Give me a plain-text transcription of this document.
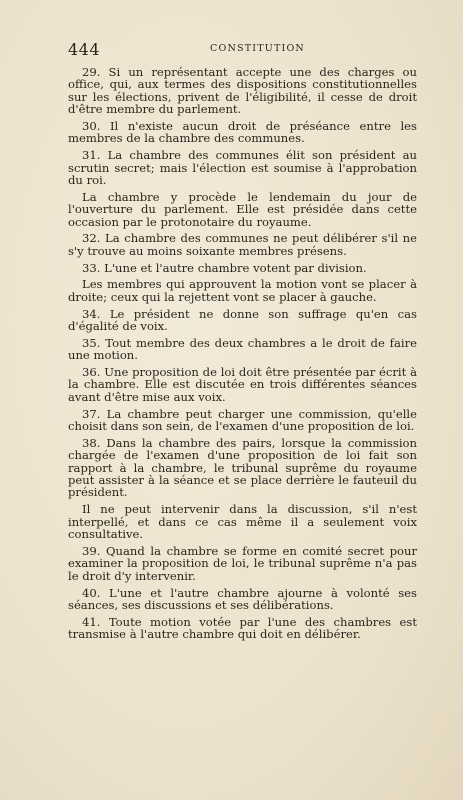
444	CONSTITUTION

29. Si un représentant accepte une des charges ou office, qui, aux termes des dispositions constitutionnelles sur les élections, privent de l'éligibilité, il cesse de droit d'être membre du parlement.

30. Il n'existe aucun droit de préséance entre les membres de la chambre des communes.

31. La chambre des communes élit son président au scrutin secret; mais l'élection est soumise à l'approbation du roi.

La chambre y procède le lendemain du jour de l'ouverture du parlement. Elle est présidée dans cette occasion par le protonotaire du royaume.

32. La chambre des communes ne peut délibérer s'il ne s'y trouve au moins soixante membres présens.

33. L'une et l'autre chambre votent par division.

Les membres qui approuvent la motion vont se placer à droite; ceux qui la rejettent vont se placer à gauche.

34. Le président ne donne son suffrage qu'en cas d'égalité de voix.

35. Tout membre des deux chambres a le droit de faire une motion.

36. Une proposition de loi doit être présentée par écrit à la chambre. Elle est discutée en trois différentes séances avant d'être mise aux voix.

37. La chambre peut charger une commission, qu'elle choisit dans son sein, de l'examen d'une proposition de loi.

38. Dans la chambre des pairs, lorsque la commission chargée de l'examen d'une proposition de loi fait son rapport à la chambre, le tribunal suprême du royaume peut assister à la séance et se place derrière le fauteuil du président.

Il ne peut intervenir dans la discussion, s'il n'est interpellé, et dans ce cas même il a seulement voix consultative.

39. Quand la chambre se forme en comité secret pour examiner la proposition de loi, le tribunal suprême n'a pas le droit d'y intervenir.

40. L'une et l'autre chambre ajourne à volonté ses séances, ses discussions et ses délibérations.

41. Toute motion votée par l'une des chambres est transmise à l'autre chambre qui doit en délibérer.
